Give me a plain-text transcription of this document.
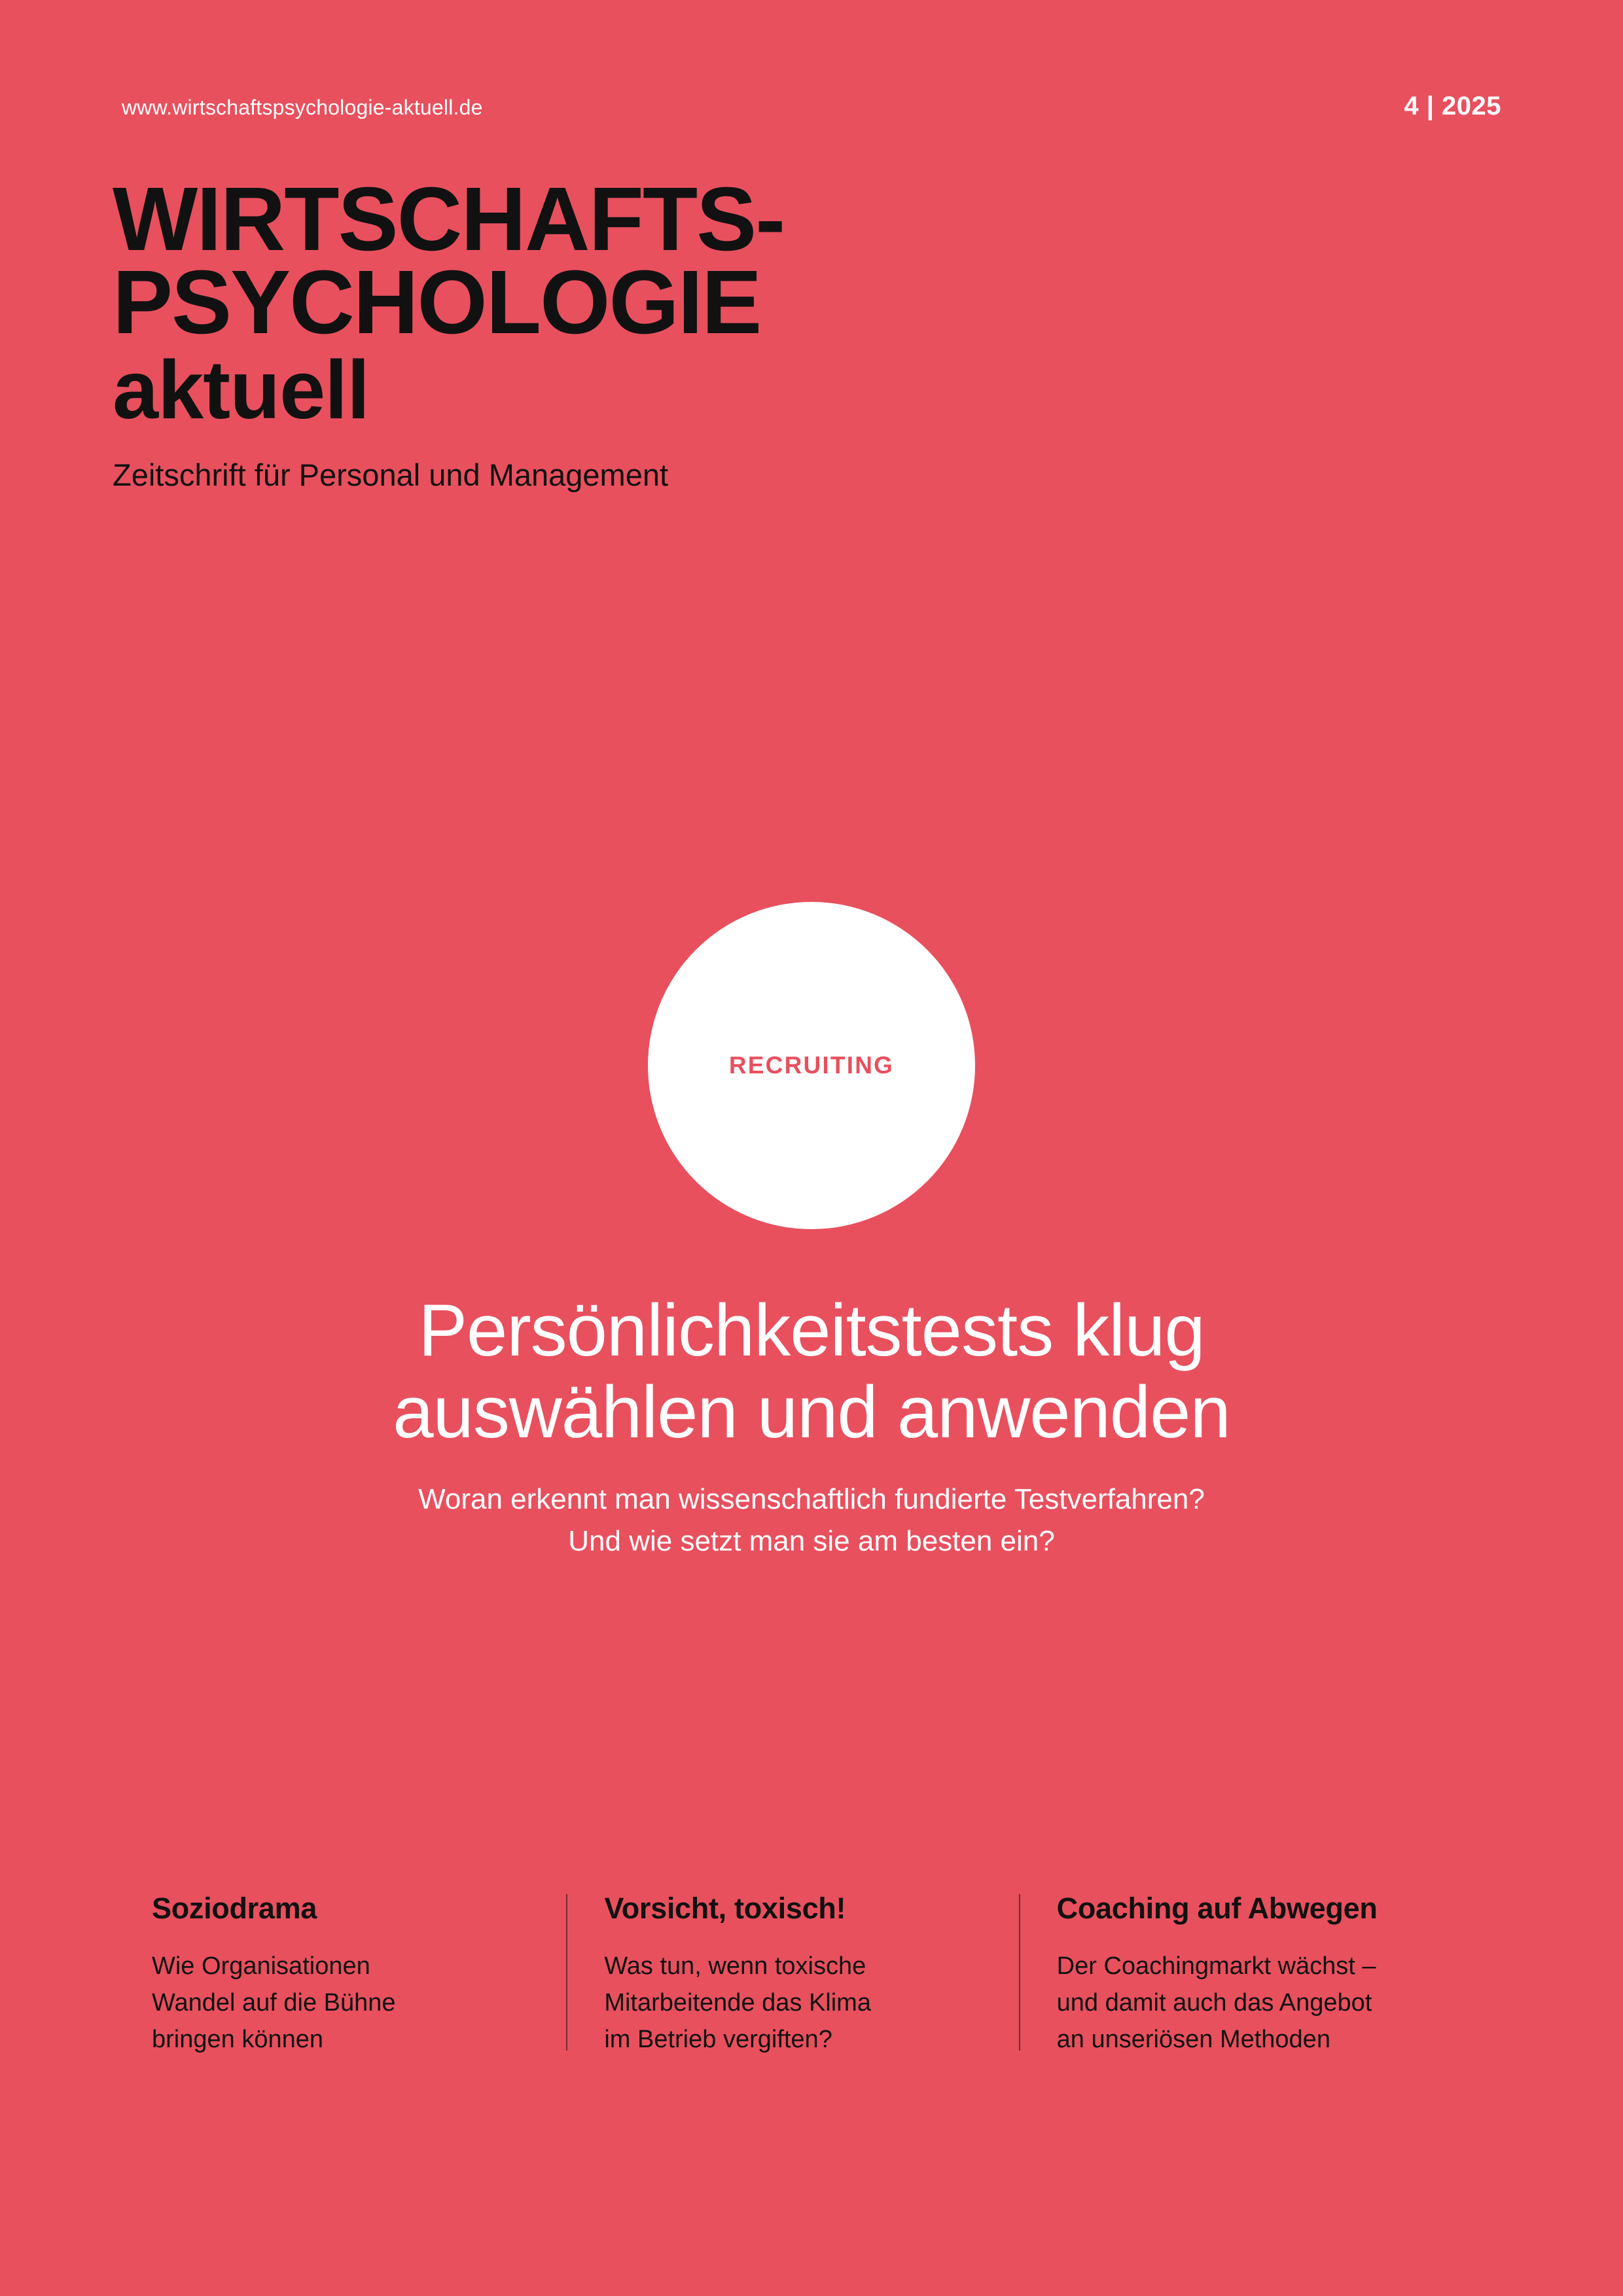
www.wirtschaftspsychologie-aktuell.de	4 | 2025
WIRTSCHAFTS-
PSYCHOLOGIE
aktuell
Zeitschrift für Personal und Management
RECRUITING
Persönlichkeitstests klug
auswählen und anwenden
Woran erkennt man wissenschaftlich fundierte Testverfahren?
Und wie setzt man sie am besten ein?
Soziodrama
Wie Organisationen
Wandel auf die Bühne
bringen können
Vorsicht, toxisch!
Was tun, wenn toxische
Mitarbeitende das Klima
im Betrieb vergiften?
Coaching auf Abwegen
Der Coachingmarkt wächst –
und damit auch das Angebot
an unseriösen Methoden
